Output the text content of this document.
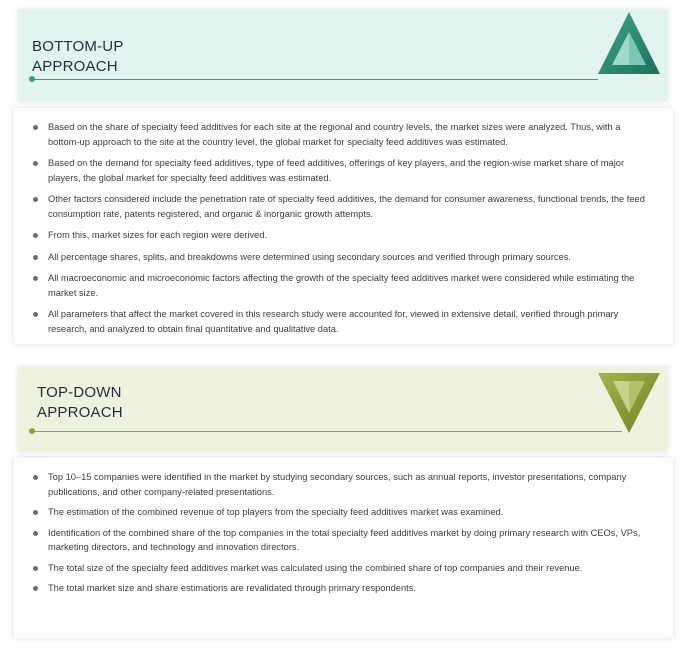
BOTTOM-UP
APPROACH
Based on the share of specialty feed additives for each site at the regional and country levels, the market sizes were analyzed. Thus, with a bottom-up approach to the site at the country level, the global market for specialty feed additives was estimated.
Based on the demand for specialty feed additives, type of feed additives, offerings of key players, and the region-wise market share of major players, the global market for specialty feed additives was estimated.
Other factors considered include the penetration rate of specialty feed additives, the demand for consumer awareness, functional trends, the feed consumption rate, patents registered, and organic & inorganic growth attempts.
From this, market sizes for each region were derived.
All percentage shares, splits, and breakdowns were determined using secondary sources and verified through primary sources.
All macroeconomic and microeconomic factors affecting the growth of the specialty feed additives market were considered while estimating the market size.
All parameters that affect the market covered in this research study were accounted for, viewed in extensive detail, verified through primary research, and analyzed to obtain final quantitative and qualitative data.
TOP-DOWN
APPROACH
Top 10–15 companies were identified in the market by studying secondary sources, such as annual reports, investor presentations, company publications, and other company-related presentations.
The estimation of the combined revenue of top players from the specialty feed additives market was examined.
Identification of the combined share of the top companies in the total specialty feed additives market by doing primary research with CEOs, VPs, marketing directors, and technology and innovation directors.
The total size of the specialty feed additives market was calculated using the combined share of top companies and their revenue.
The total market size and share estimations are revalidated through primary respondents.
